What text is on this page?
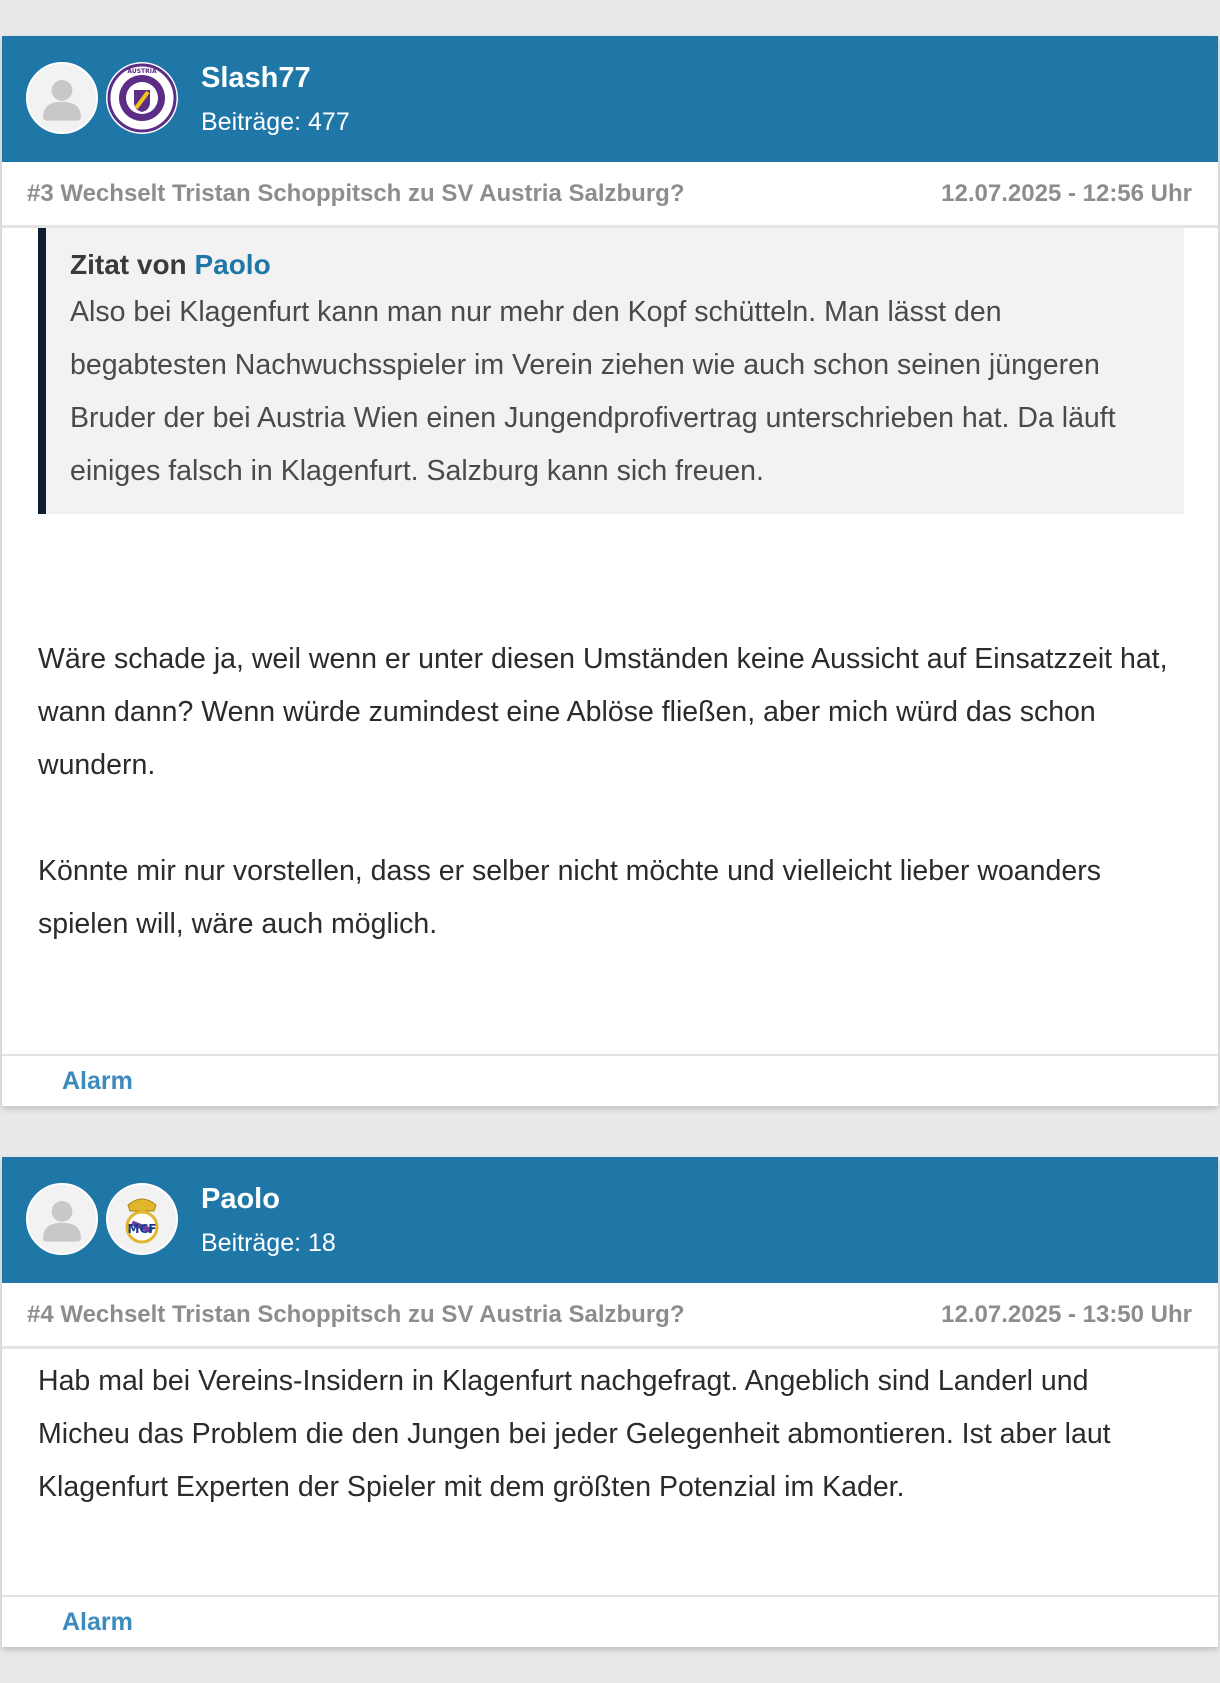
AUSTRIA Slash77
Beiträge: 477
#3 Wechselt Tristan Schoppitsch zu SV Austria Salzburg?	12.07.2025 - 12:56 Uhr
Zitat von Paolo
Also bei Klagenfurt kann man nur mehr den Kopf schütteln. Man lässt den begabtesten Nachwuchsspieler im Verein ziehen wie auch schon seinen jüngeren Bruder der bei Austria Wien einen Jungendprofivertrag unterschrieben hat. Da läuft einiges falsch in Klagenfurt. Salzburg kann sich freuen.

Wäre schade ja, weil wenn er unter diesen Umständen keine Aussicht auf Einsatzzeit hat, wann dann? Wenn würde zumindest eine Ablöse fließen, aber mich würd das schon wundern.

Könnte mir nur vorstellen, dass er selber nicht möchte und vielleicht lieber woanders spielen will, wäre auch möglich.

Alarm
MCF
Paolo
Beiträge: 18
#4 Wechselt Tristan Schoppitsch zu SV Austria Salzburg?	12.07.2025 - 13:50 Uhr

Hab mal bei Vereins-Insidern in Klagenfurt nachgefragt. Angeblich sind Landerl und Micheu das Problem die den Jungen bei jeder Gelegenheit abmontieren. Ist aber laut Klagenfurt Experten der Spieler mit dem größten Potenzial im Kader.

Alarm
